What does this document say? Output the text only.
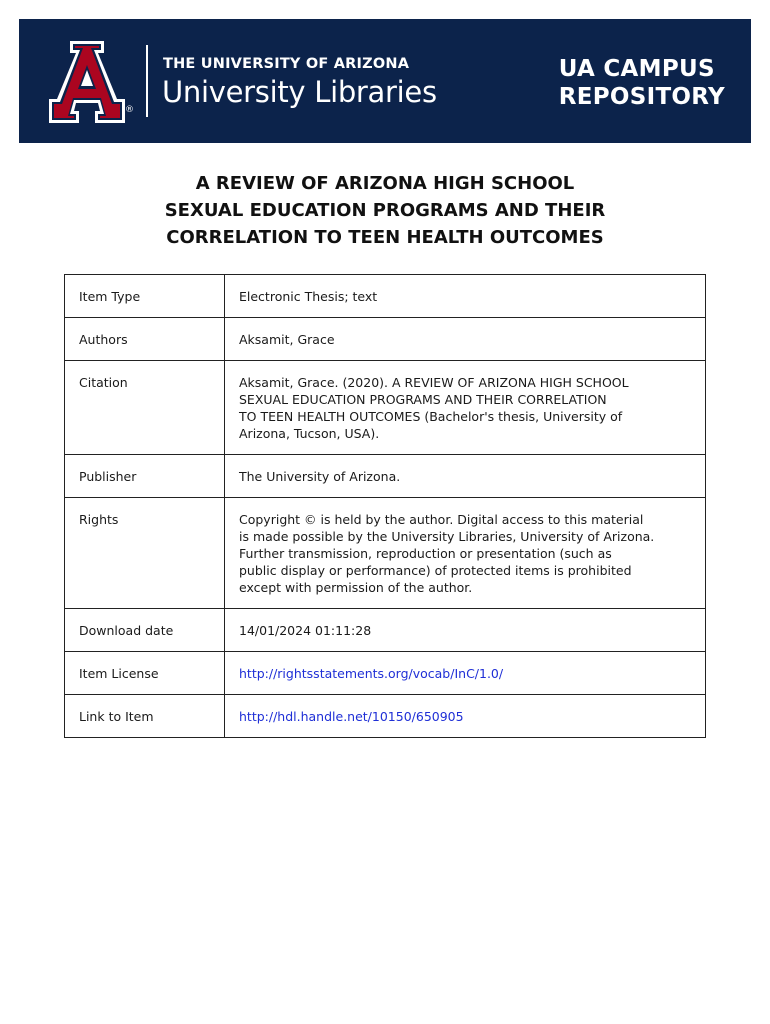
®
THE UNIVERSITY OF ARIZONA
University Libraries
UA CAMPUS
REPOSITORY
A REVIEW OF ARIZONA HIGH SCHOOL
SEXUAL EDUCATION PROGRAMS AND THEIR
CORRELATION TO TEEN HEALTH OUTCOMES
Item Type	Electronic Thesis; text
Authors	Aksamit, Grace
Citation	Aksamit, Grace. (2020). A REVIEW OF ARIZONA HIGH SCHOOL
SEXUAL EDUCATION PROGRAMS AND THEIR CORRELATION
TO TEEN HEALTH OUTCOMES (Bachelor's thesis, University of
Arizona, Tucson, USA).

Publisher	The University of Arizona.
Rights	Copyright © is held by the author. Digital access to this material
is made possible by the University Libraries, University of Arizona.
Further transmission, reproduction or presentation (such as
public display or performance) of protected items is prohibited
except with permission of the author.

Download date	14/01/2024 01:11:28
Item License	http://rightsstatements.org/vocab/InC/1.0/
Link to Item	http://hdl.handle.net/10150/650905
